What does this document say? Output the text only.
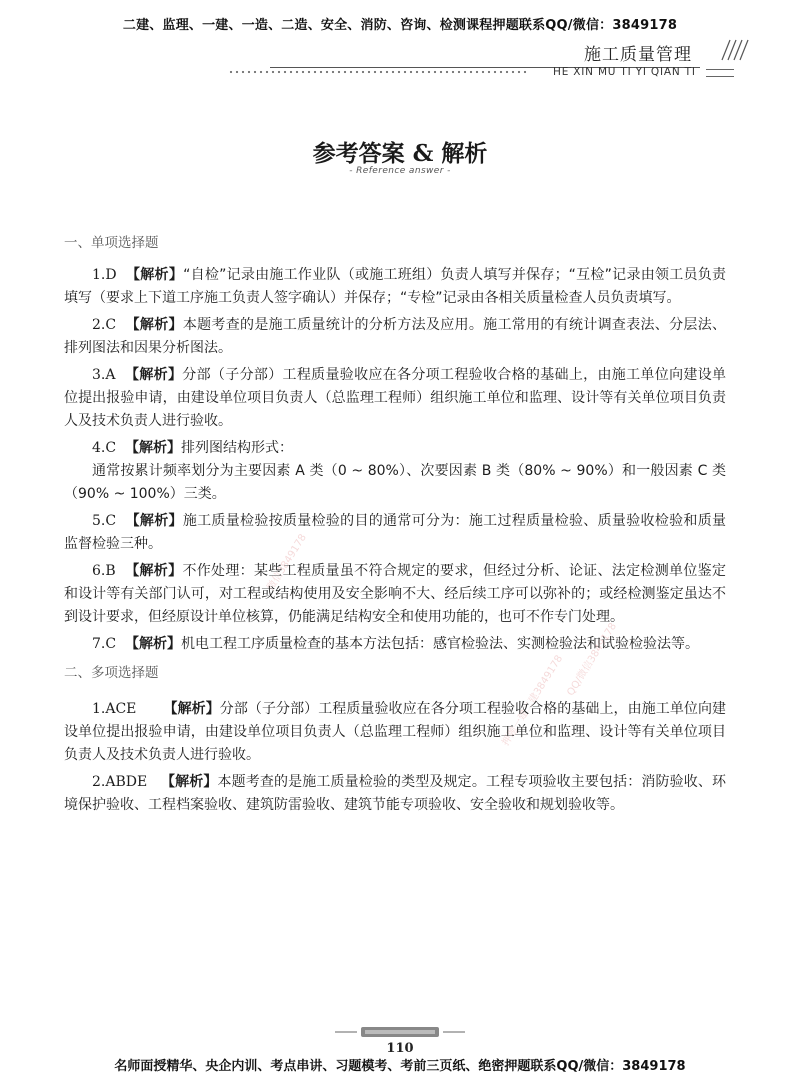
二建、监理、一建、一造、二造、安全、消防、咨询、检测课程押题联系QQ/微信：3849178
施工质量管理
HE XIN MU TI YI QIAN TI
参考答案 & 解析
- Reference answer -
微信3849178
QQ/微信3849178
押题一建二建3849178
一、单项选择题

1.D 【解析】“自检”记录由施工作业队（或施工班组）负责人填写并保存；“互检”记录由领工员负责填写（要求上下道工序施工负责人签字确认）并保存；“专检”记录由各相关质量检查人员负责填写。

2.C 【解析】本题考查的是施工质量统计的分析方法及应用。施工常用的有统计调查表法、分层法、排列图法和因果分析图法。

3.A 【解析】分部（子分部）工程质量验收应在各分项工程验收合格的基础上，由施工单位向建设单位提出报验申请，由建设单位项目负责人（总监理工程师）组织施工单位和监理、设计等有关单位项目负责人及技术负责人进行验收。

4.C 【解析】排列图结构形式：

通常按累计频率划分为主要因素 A 类（0 ~ 80%）、次要因素 B 类（80% ~ 90%）和一般因素 C 类（90% ~ 100%）三类。

5.C 【解析】施工质量检验按质量检验的目的通常可分为：施工过程质量检验、质量验收检验和质量监督检验三种。

6.B 【解析】不作处理：某些工程质量虽不符合规定的要求，但经过分析、论证、法定检测单位鉴定和设计等有关部门认可，对工程或结构使用及安全影响不大、经后续工序可以弥补的；或经检测鉴定虽达不到设计要求，但经原设计单位核算，仍能满足结构安全和使用功能的，也可不作专门处理。

7.C 【解析】机电工程工序质量检查的基本方法包括：感官检验法、实测检验法和试验检验法等。

二、多项选择题

1.ACE 【解析】分部（子分部）工程质量验收应在各分项工程验收合格的基础上，由施工单位向建设单位提出报验申请，由建设单位项目负责人（总监理工程师）组织施工单位和监理、设计等有关单位项目负责人及技术负责人进行验收。

2.ABDE 【解析】本题考查的是施工质量检验的类型及规定。工程专项验收主要包括：消防验收、环境保护验收、工程档案验收、建筑防雷验收、建筑节能专项验收、安全验收和规划验收等。

110
名师面授精华、央企内训、考点串讲、习题模考、考前三页纸、绝密押题联系QQ/微信：3849178
